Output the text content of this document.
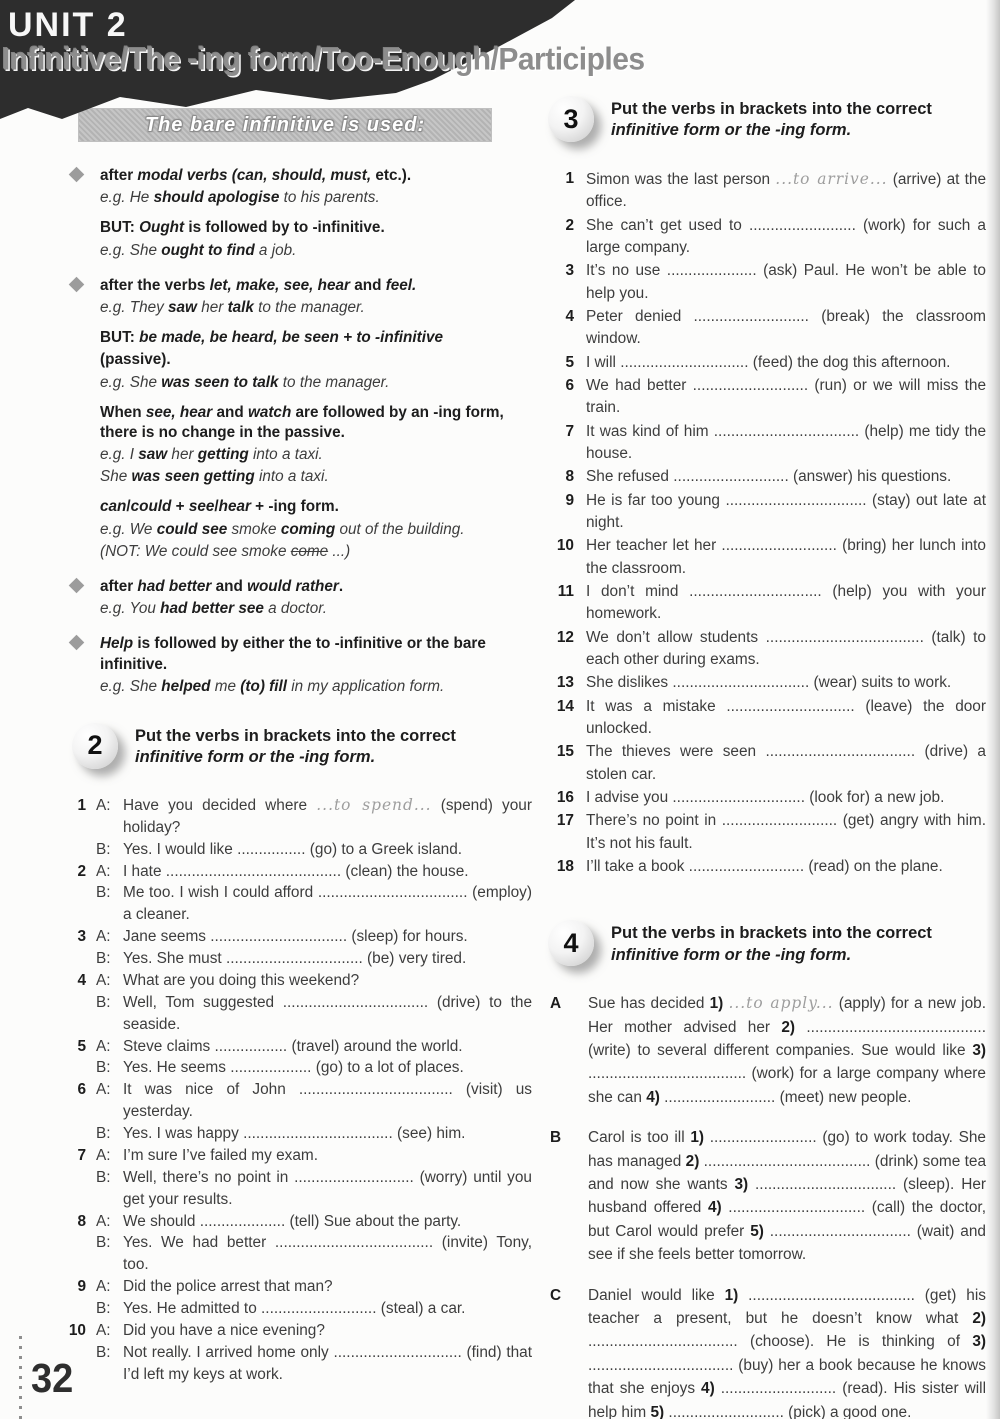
UNIT 2
Infinitive/The -ing form/Too-Enough/Participles
The bare infinitive is used:

after modal verbs (can, should, must, etc.).

e.g. He should apologise to his parents.

BUT: Ought is followed by to -infinitive.

e.g. She ought to find a job.

after the verbs let, make, see, hear and feel.

e.g. They saw her talk to the manager.

BUT: be made, be heard, be seen + to -infinitive

(passive).

e.g. She was seen to talk to the manager.

When see, hear and watch are followed by an -ing form, there is no change in the passive.

e.g. I saw her getting into a taxi.

She was seen getting into a taxi.

can/could + see/hear + -ing form.

e.g. We could see smoke coming out of the building.

(NOT: We could see smoke come ...)

after had better and would rather.

e.g. You had better see a doctor.

Help is followed by either the to -infinitive or the bare infinitive.

e.g. She helped me (to) fill in my application form.

2	Put the verbs in brackets into the correct infinitive form or the -ing form.
1 A: Have you decided where ...to spend... (spend) your holiday?

B: Yes. I would like ................ (go) to a Greek island.

2 A: I hate ......................................... (clean) the house.

B: Me too. I wish I could afford ................................... (employ) a cleaner.

3 A: Jane seems ................................ (sleep) for hours.

B: Yes. She must ................................ (be) very tired.

4 A: What are you doing this weekend?

B: Well, Tom suggested .................................. (drive) to the seaside.

5 A: Steve claims ................. (travel) around the world.

B: Yes. He seems ................... (go) to a lot of places.

6 A: It was nice of John .................................... (visit) us yesterday.

B: Yes. I was happy ................................... (see) him.

7 A: I’m sure I’ve failed my exam.

B: Well, there’s no point in ............................ (worry) until you get your results.

8 A: We should .................... (tell) Sue about the party.

B: Yes. We had better ..................................... (invite) Tony, too.

9 A: Did the police arrest that man?

B: Yes. He admitted to ........................... (steal) a car.

10 A: Did you have a nice evening?

B: Not really. I arrived home only .............................. (find) that I’d left my keys at work.

3	Put the verbs in brackets into the correct infinitive form or the -ing form.
1 Simon was the last person ...to arrive... (arrive) at the office.

2 She can’t get used to ......................... (work) for such a large company.

3 It’s no use ..................... (ask) Paul. He won’t be able to help you.

4 Peter denied ........................... (break) the classroom window.

5 I will .............................. (feed) the dog this afternoon.

6 We had better ........................... (run) or we will miss the train.

7 It was kind of him .................................. (help) me tidy the house.

8 She refused ........................... (answer) his questions.

9 He is far too young ................................. (stay) out late at night.

10 Her teacher let her ........................... (bring) her lunch into the classroom.

11 I don’t mind ............................... (help) you with your homework.

12 We don’t allow students ..................................... (talk) to each other during exams.

13 She dislikes ................................ (wear) suits to work.

14 It was a mistake .............................. (leave) the door unlocked.

15 The thieves were seen ................................... (drive) a stolen car.

16 I advise you ............................... (look for) a new job.

17 There’s no point in ........................... (get) angry with him. It’s not his fault.

18 I’ll take a book ........................... (read) on the plane.

4	Put the verbs in brackets into the correct infinitive form or the -ing form.
A	Sue has decided 1) ...to apply... (apply) for a new job. Her mother advised her 2) .......................................... (write) to several different companies. Sue would like 3) ..................................... (work) for a large company where she can 4) .......................... (meet) new people.

B	Carol is too ill 1) ......................... (go) to work today. She has managed 2) ....................................... (drink) some tea and now she wants 3) ................................. (sleep). Her husband offered 4) ................................ (call) the doctor, but Carol would prefer 5) ................................. (wait) and see if she feels better tomorrow.

C	Daniel would like 1) ....................................... (get) his teacher a present, but he doesn’t know what 2) ................................... (choose). He is thinking of 3) .................................. (buy) her a book because he knows that she enjoys 4) ........................... (read). His sister will help him 5) ........................... (pick) a good one.

32
